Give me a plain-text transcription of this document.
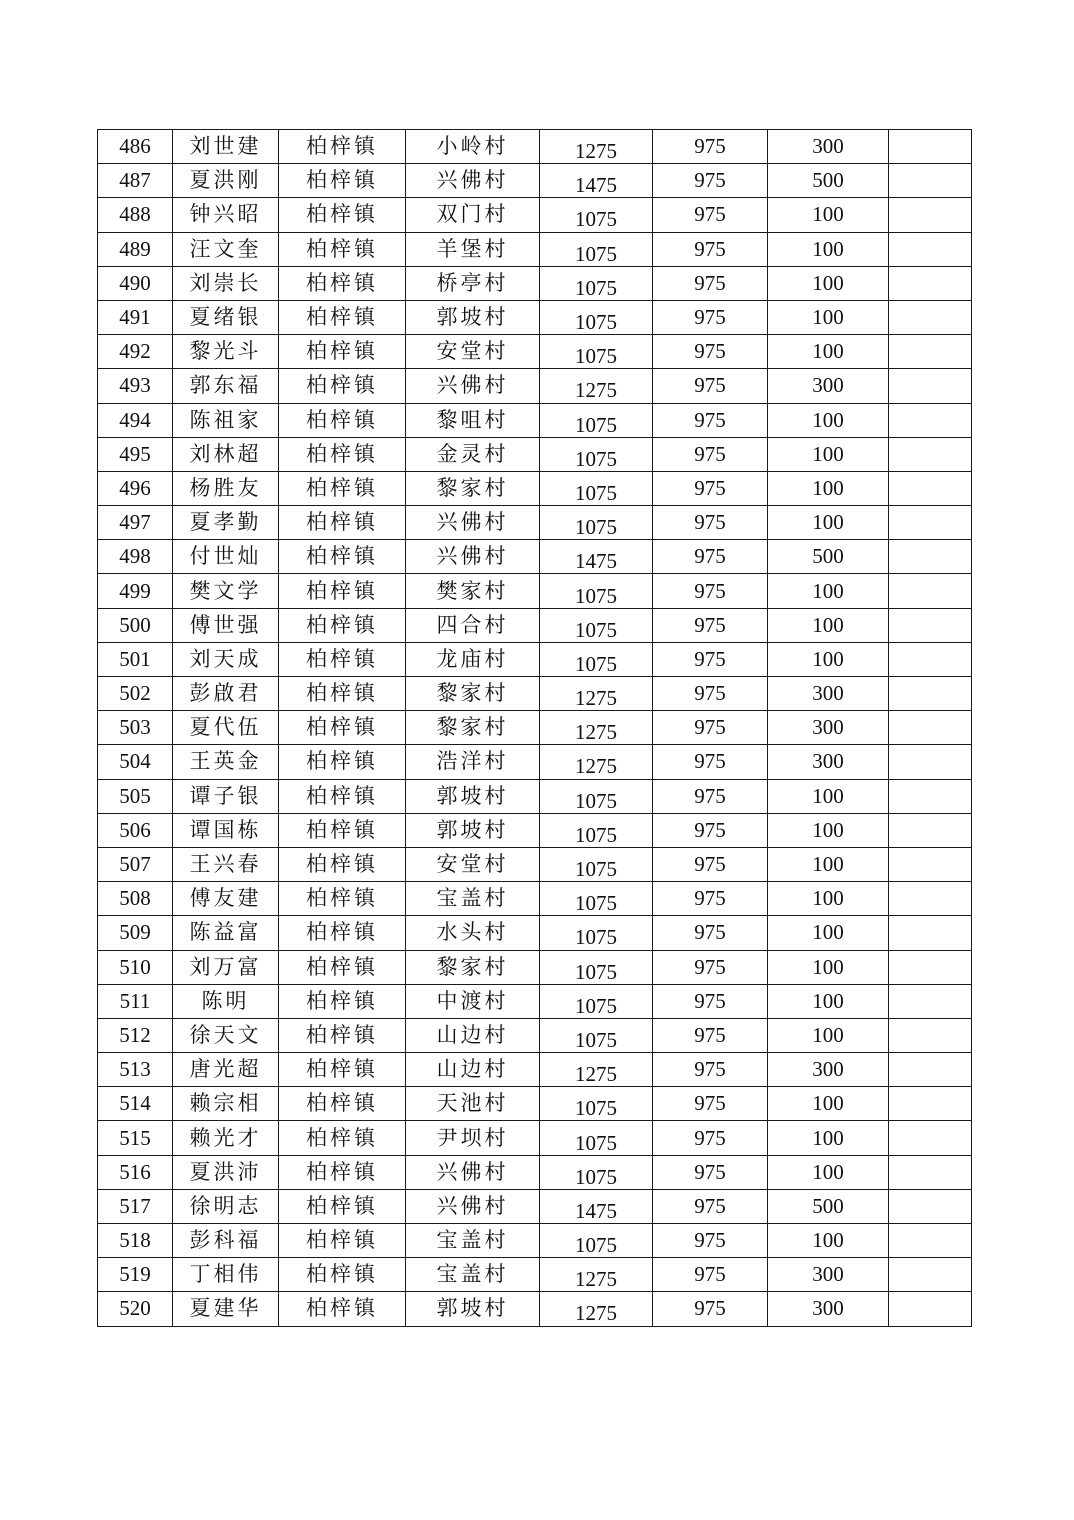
486	刘世建	柏梓镇	小岭村	1275	975	300	
487	夏洪刚	柏梓镇	兴佛村	1475	975	500	
488	钟兴昭	柏梓镇	双门村	1075	975	100	
489	汪文奎	柏梓镇	羊堡村	1075	975	100	
490	刘崇长	柏梓镇	桥亭村	1075	975	100	
491	夏绪银	柏梓镇	郭坡村	1075	975	100	
492	黎光斗	柏梓镇	安堂村	1075	975	100	
493	郭东福	柏梓镇	兴佛村	1275	975	300	
494	陈祖家	柏梓镇	黎咀村	1075	975	100	
495	刘林超	柏梓镇	金灵村	1075	975	100	
496	杨胜友	柏梓镇	黎家村	1075	975	100	
497	夏孝勤	柏梓镇	兴佛村	1075	975	100	
498	付世灿	柏梓镇	兴佛村	1475	975	500	
499	樊文学	柏梓镇	樊家村	1075	975	100	
500	傅世强	柏梓镇	四合村	1075	975	100	
501	刘天成	柏梓镇	龙庙村	1075	975	100	
502	彭啟君	柏梓镇	黎家村	1275	975	300	
503	夏代伍	柏梓镇	黎家村	1275	975	300	
504	王英金	柏梓镇	浩洋村	1275	975	300	
505	谭子银	柏梓镇	郭坡村	1075	975	100	
506	谭国栋	柏梓镇	郭坡村	1075	975	100	
507	王兴春	柏梓镇	安堂村	1075	975	100	
508	傅友建	柏梓镇	宝盖村	1075	975	100	
509	陈益富	柏梓镇	水头村	1075	975	100	
510	刘万富	柏梓镇	黎家村	1075	975	100	
511	陈明	柏梓镇	中渡村	1075	975	100	
512	徐天文	柏梓镇	山边村	1075	975	100	
513	唐光超	柏梓镇	山边村	1275	975	300	
514	赖宗相	柏梓镇	天池村	1075	975	100	
515	赖光才	柏梓镇	尹坝村	1075	975	100	
516	夏洪沛	柏梓镇	兴佛村	1075	975	100	
517	徐明志	柏梓镇	兴佛村	1475	975	500	
518	彭科福	柏梓镇	宝盖村	1075	975	100	
519	丁相伟	柏梓镇	宝盖村	1275	975	300	
520	夏建华	柏梓镇	郭坡村	1275	975	300	
